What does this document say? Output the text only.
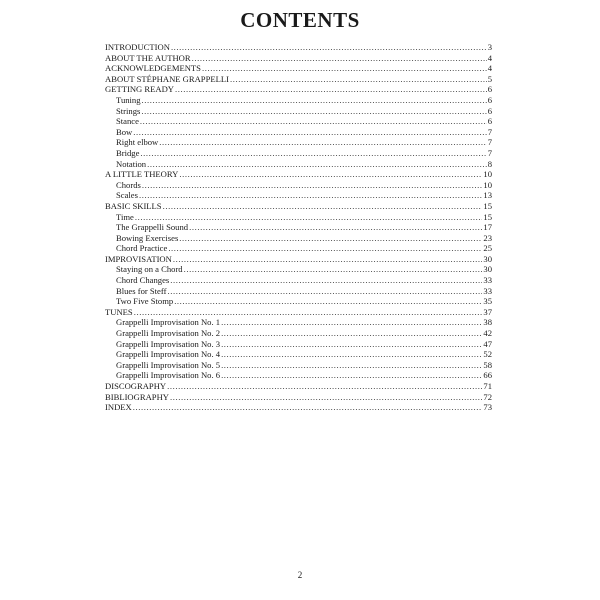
CONTENTS
INTRODUCTION .....	3
ABOUT THE AUTHOR .....	4
ACKNOWLEDGEMENTS .....	4
ABOUT STÉPHANE GRAPPELLI .....	5
GETTING READY .....	6
Tuning .....	6
Strings .....	6
Stance .....	6
Bow .....	7
Right elbow .....	7
Bridge .....	7
Notation .....	8
A LITTLE THEORY .....	10
Chords .....	10
Scales .....	13
BASIC SKILLS .....	15
Time .....	15
The Grappelli Sound .....	17
Bowing Exercises .....	23
Chord Practice .....	25
IMPROVISATION .....	30
Staying on a Chord .....	30
Chord Changes .....	33
Blues for Steff .....	33
Two Five Stomp .....	35
TUNES .....	37
Grappelli Improvisation No. 1 .....	38
Grappelli Improvisation No. 2 .....	42
Grappelli Improvisation No. 3 .....	47
Grappelli Improvisation No. 4 .....	52
Grappelli Improvisation No. 5 .....	58
Grappelli Improvisation No. 6 .....	66
DISCOGRAPHY .....	71
BIBLIOGRAPHY .....	72
INDEX .....	73
2
